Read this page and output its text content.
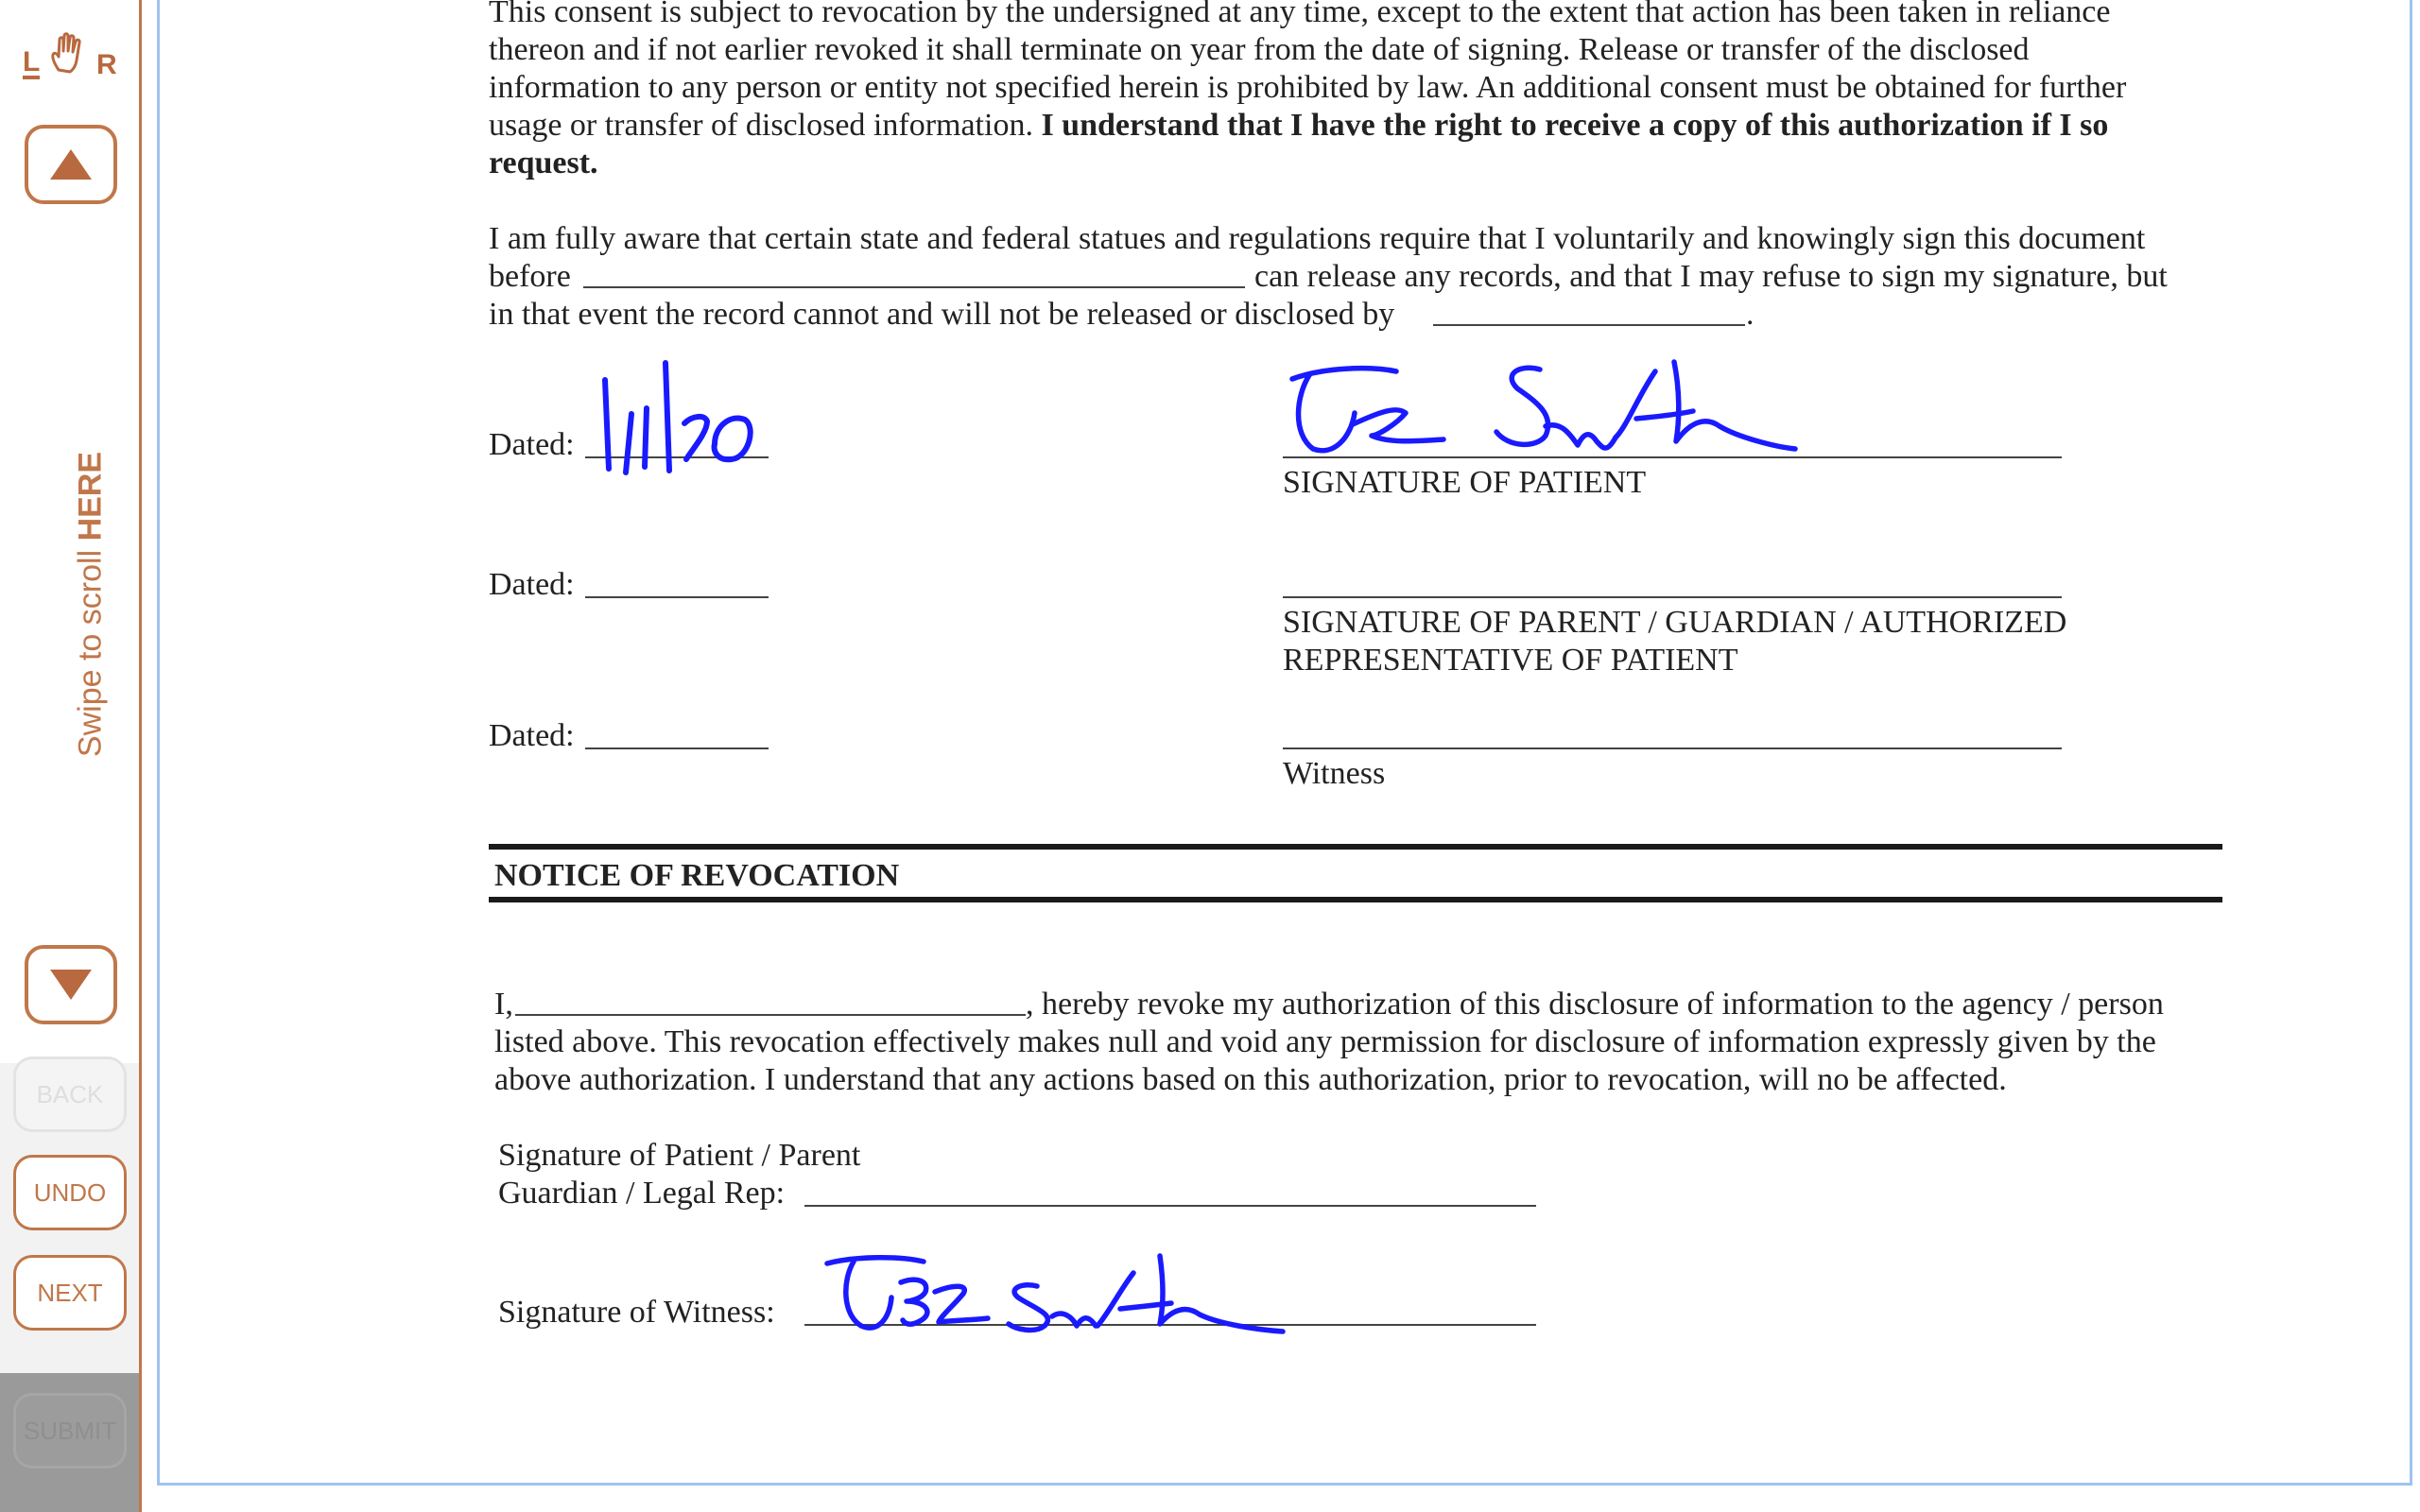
L R
Swipe to scroll HERE
BACK
UNDO
NEXT
SUBMIT
This consent is subject to revocation by the undersigned at any time, except to the extent that action has been taken in reliance
thereon and if not earlier revoked it shall terminate on year from the date of signing. Release or transfer of the disclosed
information to any person or entity not specified herein is prohibited by law. An additional consent must be obtained for further
usage or transfer of disclosed information. I understand that I have the right to receive a copy of this authorization if I so
request.
I am fully aware that certain state and federal statues and regulations require that I voluntarily and knowingly sign this document
before	can release any records, and that I may refuse to sign my signature, but
in that event the record cannot and will not be released or disclosed by	.
Dated:
SIGNATURE OF PATIENT
Dated:
SIGNATURE OF PARENT / GUARDIAN / AUTHORIZED
REPRESENTATIVE OF PATIENT
Dated:
Witness
NOTICE OF REVOCATION
I,	, hereby revoke my authorization of this disclosure of information to the agency / person
listed above. This revocation effectively makes null and void any permission for disclosure of information expressly given by the
above authorization. I understand that any actions based on this authorization, prior to revocation, will no be affected.
Signature of Patient / Parent
Guardian / Legal Rep:
Signature of Witness:
